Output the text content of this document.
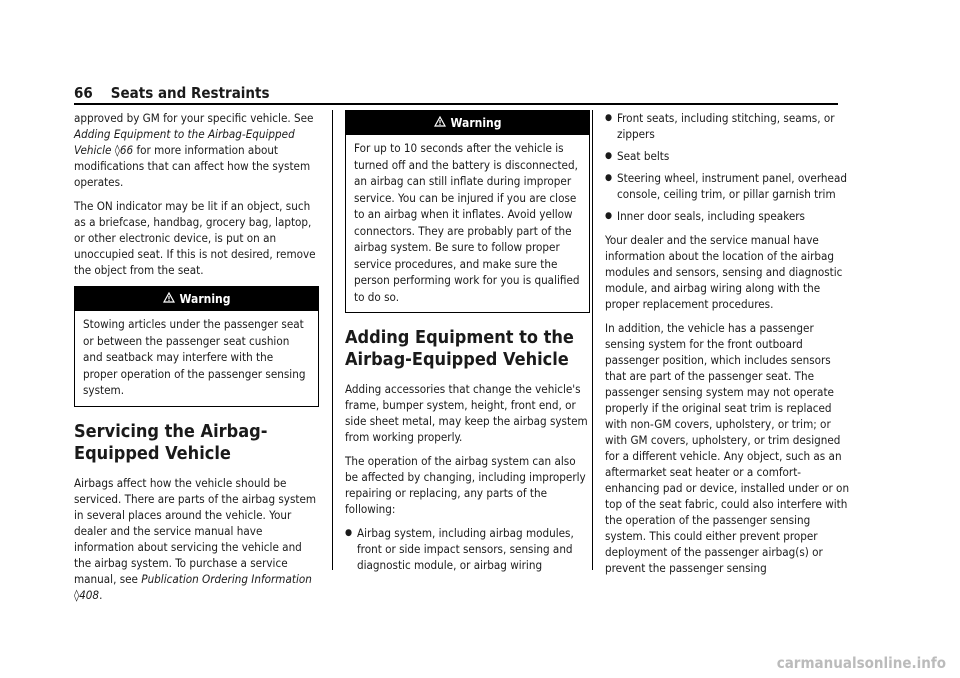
66 Seats and Restraints

approved by GM for your specific vehicle. See Adding Equipment to the Airbag-Equipped Vehicle ◊66 for more information about modifications that can affect how the system operates.

The ON indicator may be lit if an object, such as a briefcase, handbag, grocery bag, laptop, or other electronic device, is put on an unoccupied seat. If this is not desired, remove the object from the seat.

Warning
Stowing articles under the passenger seat or between the passenger seat cushion and seatback may interfere with the proper operation of the passenger sensing system.
Servicing the Airbag-Equipped Vehicle

Airbags affect how the vehicle should be serviced. There are parts of the airbag system in several places around the vehicle. Your dealer and the service manual have information about servicing the vehicle and the airbag system. To purchase a service manual, see Publication Ordering Information ◊408.

Warning
For up to 10 seconds after the vehicle is turned off and the battery is disconnected, an airbag can still inflate during improper service. You can be injured if you are close to an airbag when it inflates. Avoid yellow connectors. They are probably part of the airbag system. Be sure to follow proper service procedures, and make sure the person performing work for you is qualified to do so.
Adding Equipment to the Airbag-Equipped Vehicle

Adding accessories that change the vehicle's frame, bumper system, height, front end, or side sheet metal, may keep the airbag system from working properly.

The operation of the airbag system can also be affected by changing, including improperly repairing or replacing, any parts of the following:

● Airbag system, including airbag modules, front or side impact sensors, sensing and diagnostic module, or airbag wiring
● Front seats, including stitching, seams, or zippers
● Seat belts
● Steering wheel, instrument panel, overhead console, ceiling trim, or pillar garnish trim
● Inner door seals, including speakers

Your dealer and the service manual have information about the location of the airbag modules and sensors, sensing and diagnostic module, and airbag wiring along with the proper replacement procedures.

In addition, the vehicle has a passenger sensing system for the front outboard passenger position, which includes sensors that are part of the passenger seat. The passenger sensing system may not operate properly if the original seat trim is replaced with non-GM covers, upholstery, or trim; or with GM covers, upholstery, or trim designed for a different vehicle. Any object, such as an aftermarket seat heater or a comfort-enhancing pad or device, installed under or on top of the seat fabric, could also interfere with the operation of the passenger sensing system. This could either prevent proper deployment of the passenger airbag(s) or prevent the passenger sensing

carmanualsonline.info
